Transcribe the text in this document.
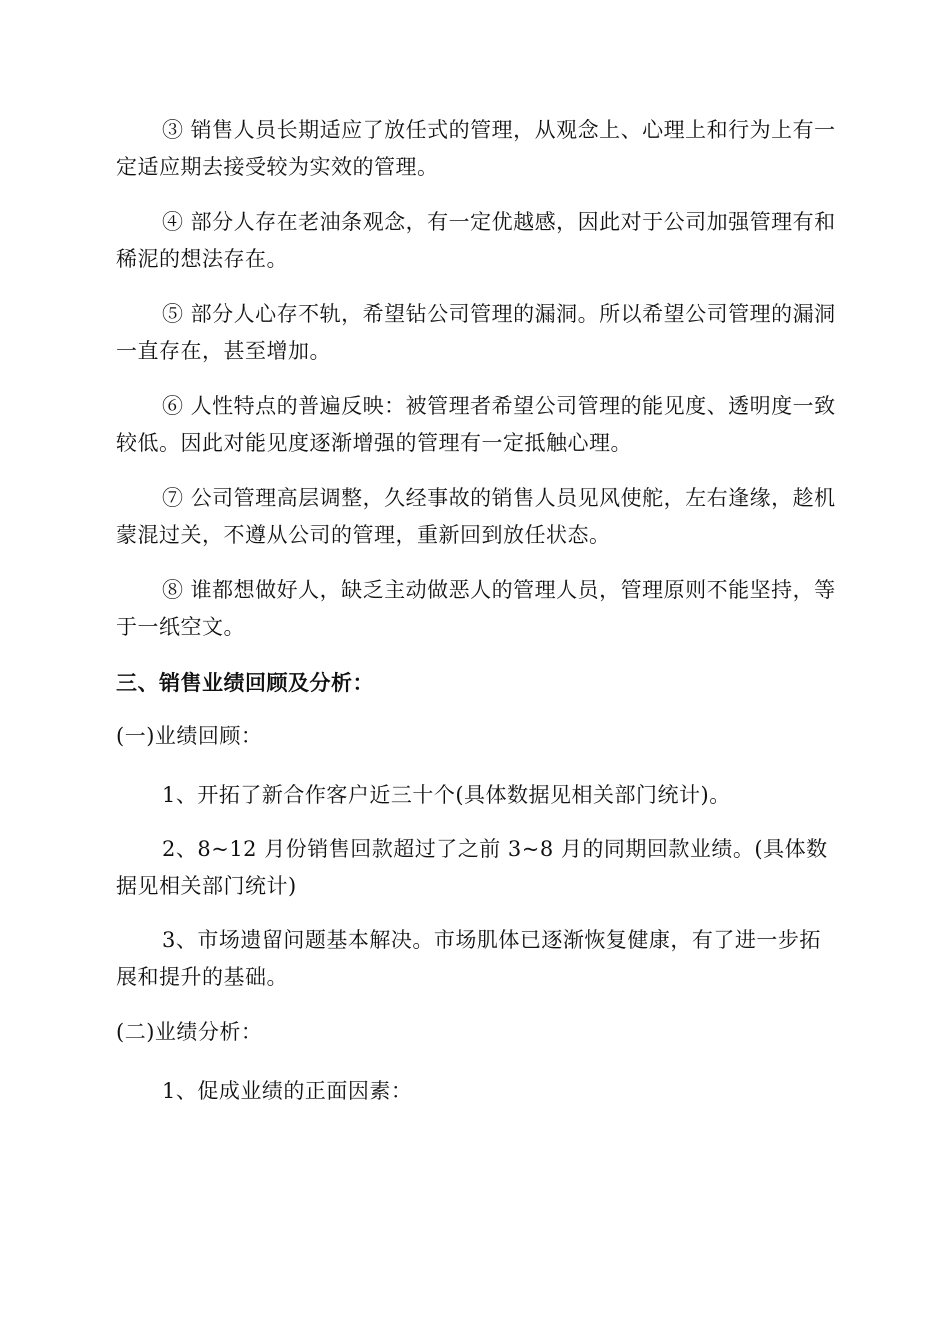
③ 销售人员长期适应了放任式的管理，从观念上、心理上和行为上有一定适应期去接受较为实效的管理。

④ 部分人存在老油条观念，有一定优越感，因此对于公司加强管理有和稀泥的想法存在。

⑤ 部分人心存不轨，希望钻公司管理的漏洞。所以希望公司管理的漏洞一直存在，甚至增加。

⑥ 人性特点的普遍反映：被管理者希望公司管理的能见度、透明度一致较低。因此对能见度逐渐增强的管理有一定抵触心理。

⑦ 公司管理高层调整，久经事故的销售人员见风使舵，左右逢缘，趁机蒙混过关，不遵从公司的管理，重新回到放任状态。

⑧ 谁都想做好人，缺乏主动做恶人的管理人员，管理原则不能坚持，等于一纸空文。

三、销售业绩回顾及分析：

(一)业绩回顾：

1、开拓了新合作客户近三十个(具体数据见相关部门统计)。

2、8~12 月份销售回款超过了之前 3~8 月的同期回款业绩。(具体数据见相关部门统计)

3、市场遗留问题基本解决。市场肌体已逐渐恢复健康，有了进一步拓展和提升的基础。

(二)业绩分析：

1、促成业绩的正面因素：
